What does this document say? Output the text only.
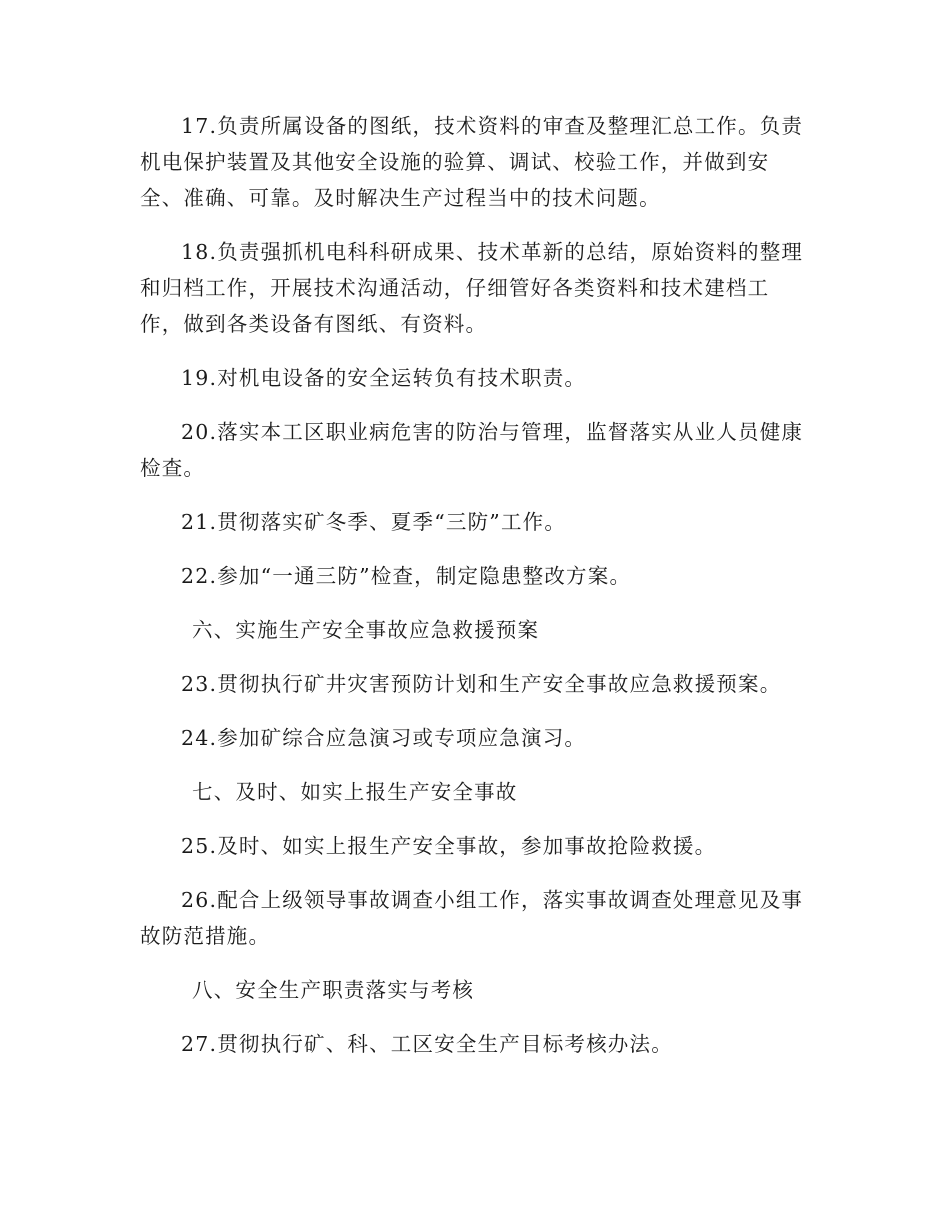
17.负责所属设备的图纸，技术资料的审查及整理汇总工作。负责
机电保护装置及其他安全设施的验算、调试、校验工作，并做到安
全、准确、可靠。及时解决生产过程当中的技术问题。

18.负责强抓机电科科研成果、技术革新的总结，原始资料的整理
和归档工作，开展技术沟通活动，仔细管好各类资料和技术建档工
作，做到各类设备有图纸、有资料。

19.对机电设备的安全运转负有技术职责。

20.落实本工区职业病危害的防治与管理，监督落实从业人员健康
检查。

21.贯彻落实矿冬季、夏季“三防”工作。

22.参加“一通三防”检查，制定隐患整改方案。

六、实施生产安全事故应急救援预案

23.贯彻执行矿井灾害预防计划和生产安全事故应急救援预案。

24.参加矿综合应急演习或专项应急演习。

七、及时、如实上报生产安全事故

25.及时、如实上报生产安全事故，参加事故抢险救援。

26.配合上级领导事故调查小组工作，落实事故调查处理意见及事
故防范措施。

八、安全生产职责落实与考核

27.贯彻执行矿、科、工区安全生产目标考核办法。
